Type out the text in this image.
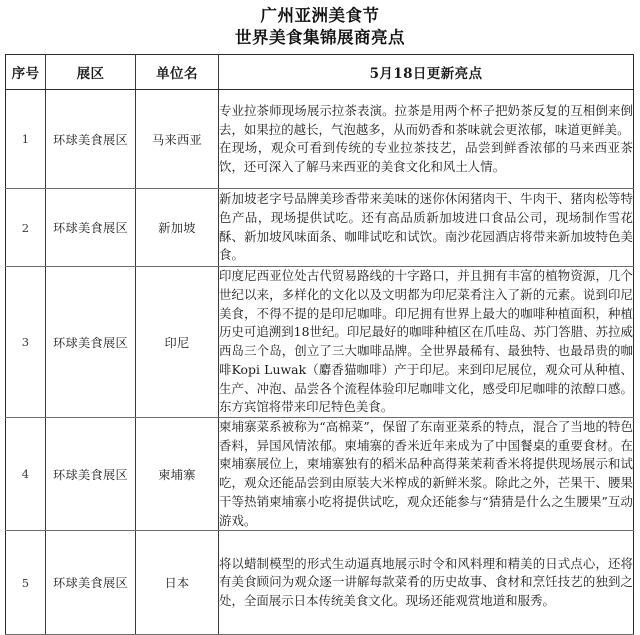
广州亚洲美食节
世界美食集锦展商亮点
序号	展区	单位名	5月18日更新亮点
1	环球美食展区	马来西亚	专业拉茶师现场展示拉茶表演。拉茶是用两个杯子把奶茶反复的互相倒来倒去，如果拉的越长，气泡越多，从而奶香和茶味就会更浓郁，味道更鲜美。

在现场，观众可看到传统的专业拉茶技艺，品尝到鲜香浓郁的马来西亚茶饮，还可深入了解马来西亚的美食文化和风土人情。

2	环球美食展区	新加坡	新加坡老字号品牌美珍香带来美味的迷你休闲猪肉干、牛肉干、猪肉松等特色产品，现场提供试吃。还有高品质新加坡进口食品公司，现场制作雪花酥、新加坡风味面条、咖啡试吃和试饮。南沙花园酒店将带来新加坡特色美食。

3	环球美食展区	印尼	印度尼西亚位处古代贸易路线的十字路口，并且拥有丰富的植物资源，几个世纪以来，多样化的文化以及文明都为印尼菜肴注入了新的元素。说到印尼美食，不得不提的是印尼咖啡。印尼拥有世界上最大的咖啡种植面积，种植历史可追溯到18世纪。印尼最好的咖啡种植区在爪哇岛、苏门答腊、苏拉威西岛三个岛，创立了三大咖啡品牌。全世界最稀有、最独特、也最昂贵的咖啡Kopi Luwak（麝香猫咖啡）产于印尼。来到印尼展位，观众可从种植、生产、冲泡、品尝各个流程体验印尼咖啡文化，感受印尼咖啡的浓醇口感。东方宾馆将带来印尼特色美食。

4	环球美食展区	柬埔寨	柬埔寨菜系被称为“高棉菜”，保留了东南亚菜系的特点，混合了当地的特色香料，异国风情浓郁。柬埔寨的香米近年来成为了中国餐桌的重要食材。在柬埔寨展位上，柬埔寨独有的稻米品种高得莱茉莉香米将提供现场展示和试吃，观众还能品尝到由原装大米榨成的新鲜米浆。除此之外，芒果干、腰果干等热销柬埔寨小吃将提供试吃，观众还能参与“猜猜是什么之生腰果”互动游戏。

5	环球美食展区	日本	将以蜡制模型的形式生动逼真地展示时令和风料理和精美的日式点心，还将有美食顾问为观众逐一讲解每款菜肴的历史故事、食材和烹饪技艺的独到之处，全面展示日本传统美食文化。现场还能观赏地道和服秀。
